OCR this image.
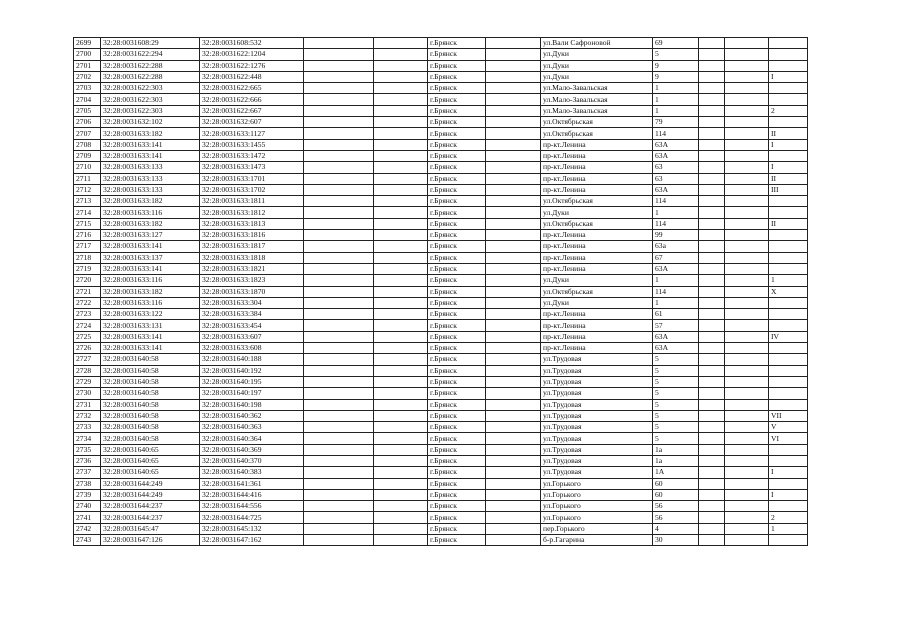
2699	32:28:0031608:29	32:28:0031608:532			г.Брянск		ул.Вали Сафроновой	69			
2700	32:28:0031622:294	32:28:0031622:1204			г.Брянск		ул.Дуки	5			
2701	32:28:0031622:288	32:28:0031622:1276			г.Брянск		ул.Дуки	9			
2702	32:28:0031622:288	32:28:0031622:448			г.Брянск		ул.Дуки	9			I
2703	32:28:0031622:303	32:28:0031622:665			г.Брянск		ул.Мало-Завальская	1			
2704	32:28:0031622:303	32:28:0031622:666			г.Брянск		ул.Мало-Завальская	1			
2705	32:28:0031622:303	32:28:0031622:667			г.Брянск		ул.Мало-Завальская	1			2
2706	32:28:0031632:102	32:28:0031632:607			г.Брянск		ул.Октябрьская	79			
2707	32:28:0031633:182	32:28:0031633:1127			г.Брянск		ул.Октябрьская	114			II
2708	32:28:0031633:141	32:28:0031633:1455			г.Брянск		пр-кт.Ленина	63А			I
2709	32:28:0031633:141	32:28:0031633:1472			г.Брянск		пр-кт.Ленина	63А			
2710	32:28:0031633:133	32:28:0031633:1473			г.Брянск		пр-кт.Ленина	63			I
2711	32:28:0031633:133	32:28:0031633:1701			г.Брянск		пр-кт.Ленина	63			II
2712	32:28:0031633:133	32:28:0031633:1702			г.Брянск		пр-кт.Ленина	63А			III
2713	32:28:0031633:182	32:28:0031633:1811			г.Брянск		ул.Октябрьская	114			
2714	32:28:0031633:116	32:28:0031633:1812			г.Брянск		ул.Дуки	1			
2715	32:28:0031633:182	32:28:0031633:1813			г.Брянск		ул.Октябрьская	114			II
2716	32:28:0031633:127	32:28:0031633:1816			г.Брянск		пр-кт.Ленина	99			
2717	32:28:0031633:141	32:28:0031633:1817			г.Брянск		пр-кт.Ленина	63а			
2718	32:28:0031633:137	32:28:0031633:1818			г.Брянск		пр-кт.Ленина	67			
2719	32:28:0031633:141	32:28:0031633:1821			г.Брянск		пр-кт.Ленина	63А			
2720	32:28:0031633:116	32:28:0031633:1823			г.Брянск		ул.Дуки	1			1
2721	32:28:0031633:182	32:28:0031633:1870			г.Брянск		ул.Октябрьская	114			X
2722	32:28:0031633:116	32:28:0031633:304			г.Брянск		ул.Дуки	1			
2723	32:28:0031633:122	32:28:0031633:384			г.Брянск		пр-кт.Ленина	61			
2724	32:28:0031633:131	32:28:0031633:454			г.Брянск		пр-кт.Ленина	57			
2725	32:28:0031633:141	32:28:0031633:607			г.Брянск		пр-кт.Ленина	63А			IV
2726	32:28:0031633:141	32:28:0031633:608			г.Брянск		пр-кт.Ленина	63А			
2727	32:28:0031640:58	32:28:0031640:188			г.Брянск		ул.Трудовая	5			
2728	32:28:0031640:58	32:28:0031640:192			г.Брянск		ул.Трудовая	5			
2729	32:28:0031640:58	32:28:0031640:195			г.Брянск		ул.Трудовая	5			
2730	32:28:0031640:58	32:28:0031640:197			г.Брянск		ул.Трудовая	5			
2731	32:28:0031640:58	32:28:0031640:198			г.Брянск		ул.Трудовая	5			
2732	32:28:0031640:58	32:28:0031640:362			г.Брянск		ул.Трудовая	5			VII
2733	32:28:0031640:58	32:28:0031640:363			г.Брянск		ул.Трудовая	5			V
2734	32:28:0031640:58	32:28:0031640:364			г.Брянск		ул.Трудовая	5			VI
2735	32:28:0031640:65	32:28:0031640:369			г.Брянск		ул.Трудовая	1а			
2736	32:28:0031640:65	32:28:0031640:370			г.Брянск		ул.Трудовая	1а			
2737	32:28:0031640:65	32:28:0031640:383			г.Брянск		ул.Трудовая	1А			I
2738	32:28:0031644:249	32:28:0031641:361			г.Брянск		ул.Горького	60			
2739	32:28:0031644:249	32:28:0031644:416			г.Брянск		ул.Горького	60			I
2740	32:28:0031644:237	32:28:0031644:556			г.Брянск		ул.Горького	56			
2741	32:28:0031644:237	32:28:0031644:725			г.Брянск		ул.Горького	56			2
2742	32:28:0031645:47	32:28:0031645:132			г.Брянск		пер.Горького	4			1
2743	32:28:0031647:126	32:28:0031647:162			г.Брянск		б-р.Гагарина	30			
